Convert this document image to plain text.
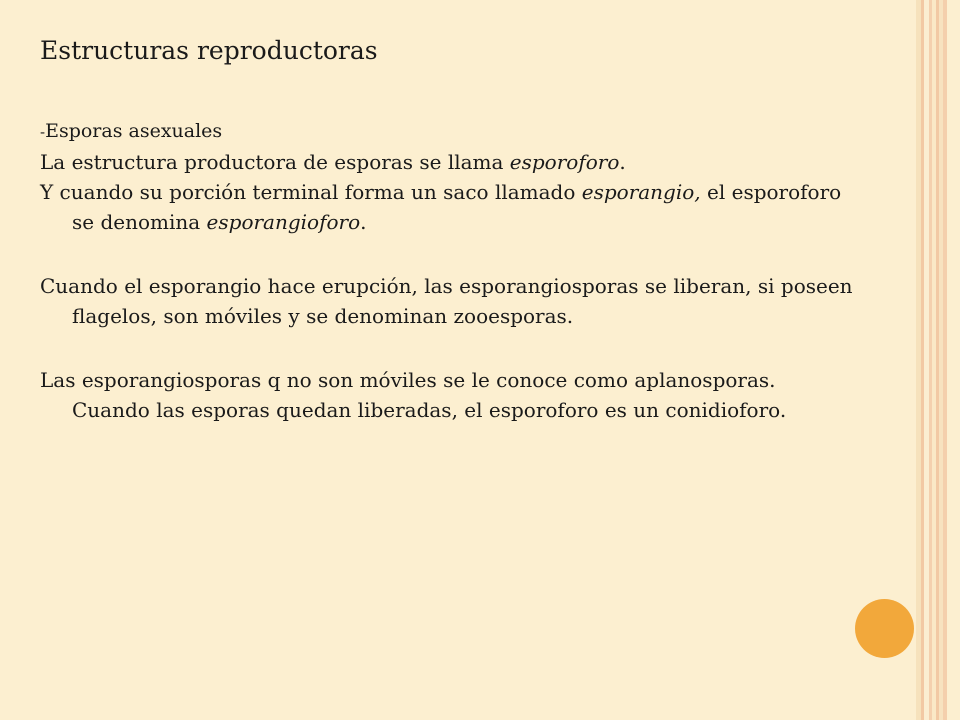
Estructuras reproductoras

-Esporas asexuales

La estructura productora de esporas se llama esporoforo.

Y cuando su porción terminal forma un saco llamado esporangio, el esporoforo se denomina esporangioforo.

Cuando el esporangio hace erupción, las esporangiosporas se liberan, si poseen flagelos, son móviles y se denominan zooesporas.

Las esporangiosporas q no son móviles se le conoce como aplanosporas. Cuando las esporas quedan liberadas, el esporoforo es un conidioforo.
